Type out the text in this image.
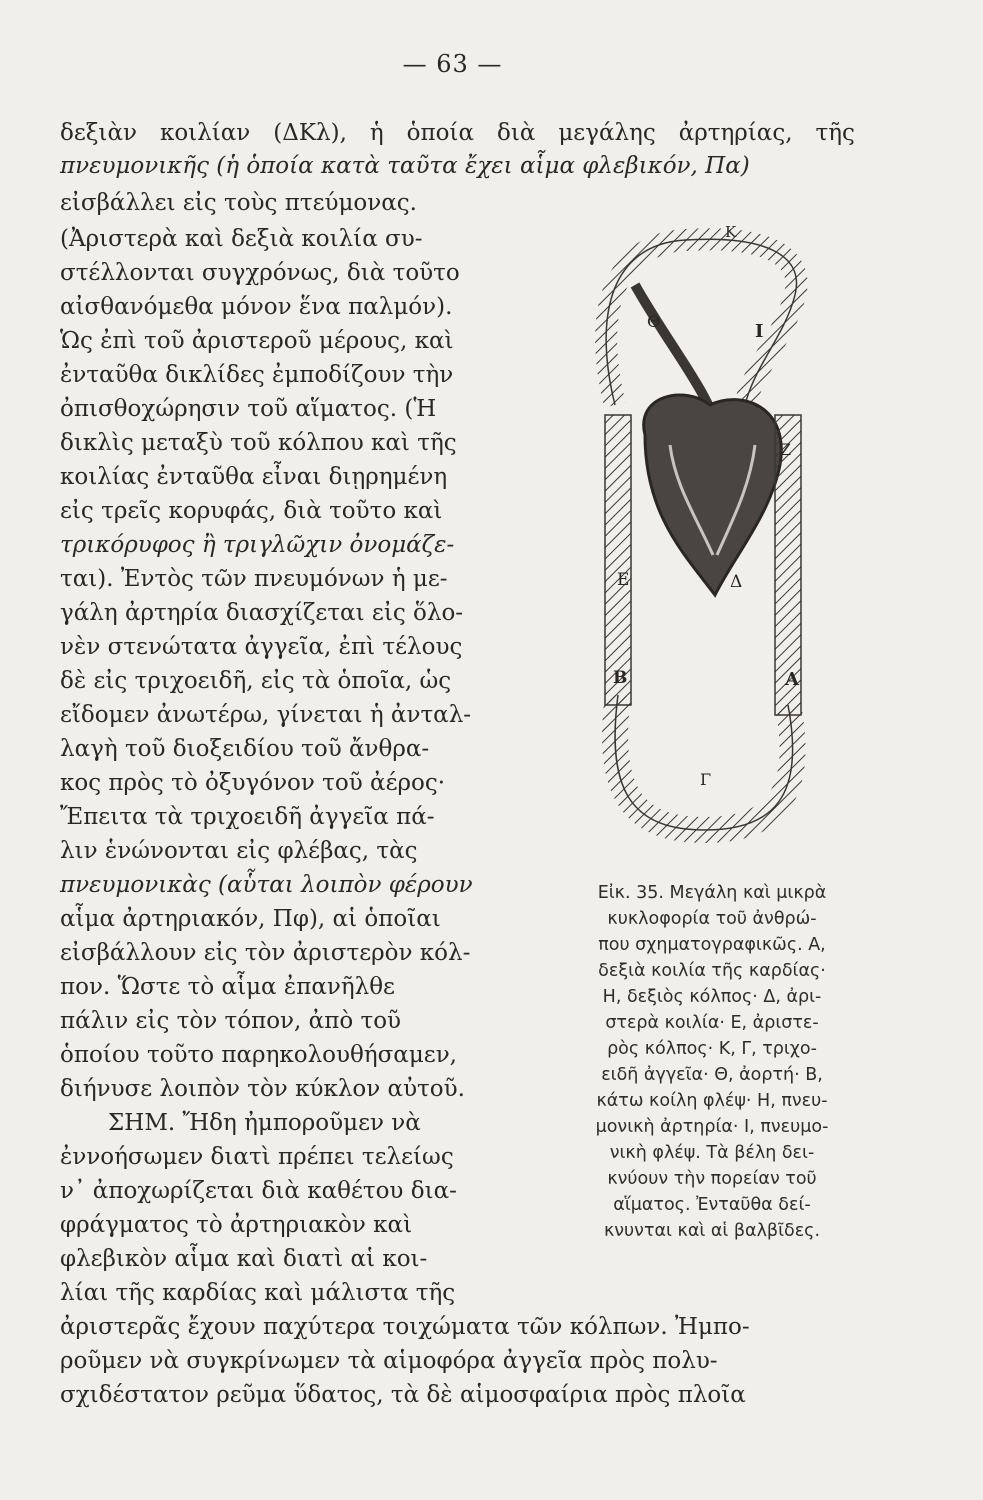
— 63 —
δεξιὰν κοιλίαν (ΔΚλ), ἡ ὁποία διὰ μεγάλης ἀρτηρίας, τῆς
πνευμονικῆς (ἡ ὁποία κατὰ ταῦτα ἔχει αἷμα φλεβικόν, Πα)
εἰσβάλλει εἰς τοὺς πτεύμονας.
(Ἀριστερὰ καὶ δεξιὰ κοιλία συ-
στέλλονται συγχρόνως, διὰ τοῦτο
αἰσθανόμεθα μόνον ἕνα παλμόν).
Ὡς ἐπὶ τοῦ ἀριστεροῦ μέρους, καὶ
ἐνταῦθα δικλίδες ἐμποδίζουν τὴν
ὀπισθοχώρησιν τοῦ αἵματος. (Ἡ
δικλὶς μεταξὺ τοῦ κόλπου καὶ τῆς
κοιλίας ἐνταῦθα εἶναι διῃρημένη
εἰς τρεῖς κορυφάς, διὰ τοῦτο καὶ
τρικόρυφος ἢ τριγλῶχιν ὀνομάζε-
ται). Ἐντὸς τῶν πνευμόνων ἡ με-
γάλη ἀρτηρία διασχίζεται εἰς ὅλο-
νὲν στενώτατα ἀγγεῖα, ἐπὶ τέλους
δὲ εἰς τριχοειδῆ, εἰς τὰ ὁποῖα, ὡς
εἴδομεν ἀνωτέρω, γίνεται ἡ ἀνταλ-
λαγὴ τοῦ διοξειδίου τοῦ ἄνθρα-
κος πρὸς τὸ ὀξυγόνον τοῦ ἀέρος·
Ἔπειτα τὰ τριχοειδῆ ἀγγεῖα πά-
λιν ἑνώνονται εἰς φλέβας, τὰς
πνευμονικὰς (αὗται λοιπὸν φέρουν
αἷμα ἀρτηριακόν, Πφ), αἱ ὁποῖαι
εἰσβάλλουν εἰς τὸν ἀριστερὸν κόλ-
πον. Ὥστε τὸ αἷμα ἐπανῆλθε
πάλιν εἰς τὸν τόπον, ἀπὸ τοῦ
ὁποίου τοῦτο παρηκολουθήσαμεν,
διήνυσε λοιπὸν τὸν κύκλον αὐτοῦ.
ΣΗΜ. Ἤδη ἠμποροῦμεν νὰ
ἐννοήσωμεν διατὶ πρέπει τελείως
ν᾽ ἀποχωρίζεται διὰ καθέτου δια-
φράγματος τὸ ἀρτηριακὸν καὶ
φλεβικὸν αἷμα καὶ διατὶ αἱ κοι-
λίαι τῆς καρδίας καὶ μάλιστα τῆς
ἀριστερᾶς ἔχουν παχύτερα τοιχώματα τῶν κόλπων. Ἠμπο-
ροῦμεν νὰ συγκρίνωμεν τὰ αἱμοφόρα ἀγγεῖα πρὸς πολυ-
σχιδέστατον ρεῦμα ὕδατος, τὰ δὲ αἱμοσφαίρια πρὸς πλοῖα
Κ
Θ	Ι
Ζ
Ε	Δ
Β	Α
Γ
Εἰκ. 35. Μεγάλη καὶ μικρὰ
κυκλοφορία τοῦ ἀνθρώ-
που σχηματογραφικῶς. Α,
δεξιὰ κοιλία τῆς καρδίας·
Η, δεξιὸς κόλπος· Δ, ἀρι-
στερὰ κοιλία· Ε, ἀριστε-
ρὸς κόλπος· Κ, Γ, τριχο-
ειδῆ ἀγγεῖα· Θ, ἀορτή· Β,
κάτω κοίλη φλέψ· Η, πνευ-
μονικὴ ἀρτηρία· Ι, πνευμο-
νικὴ φλέψ. Τὰ βέλη δει-
κνύουν τὴν πορείαν τοῦ
αἵματος. Ἐνταῦθα δεί-
κνυνται καὶ αἱ βαλβῖδες.
